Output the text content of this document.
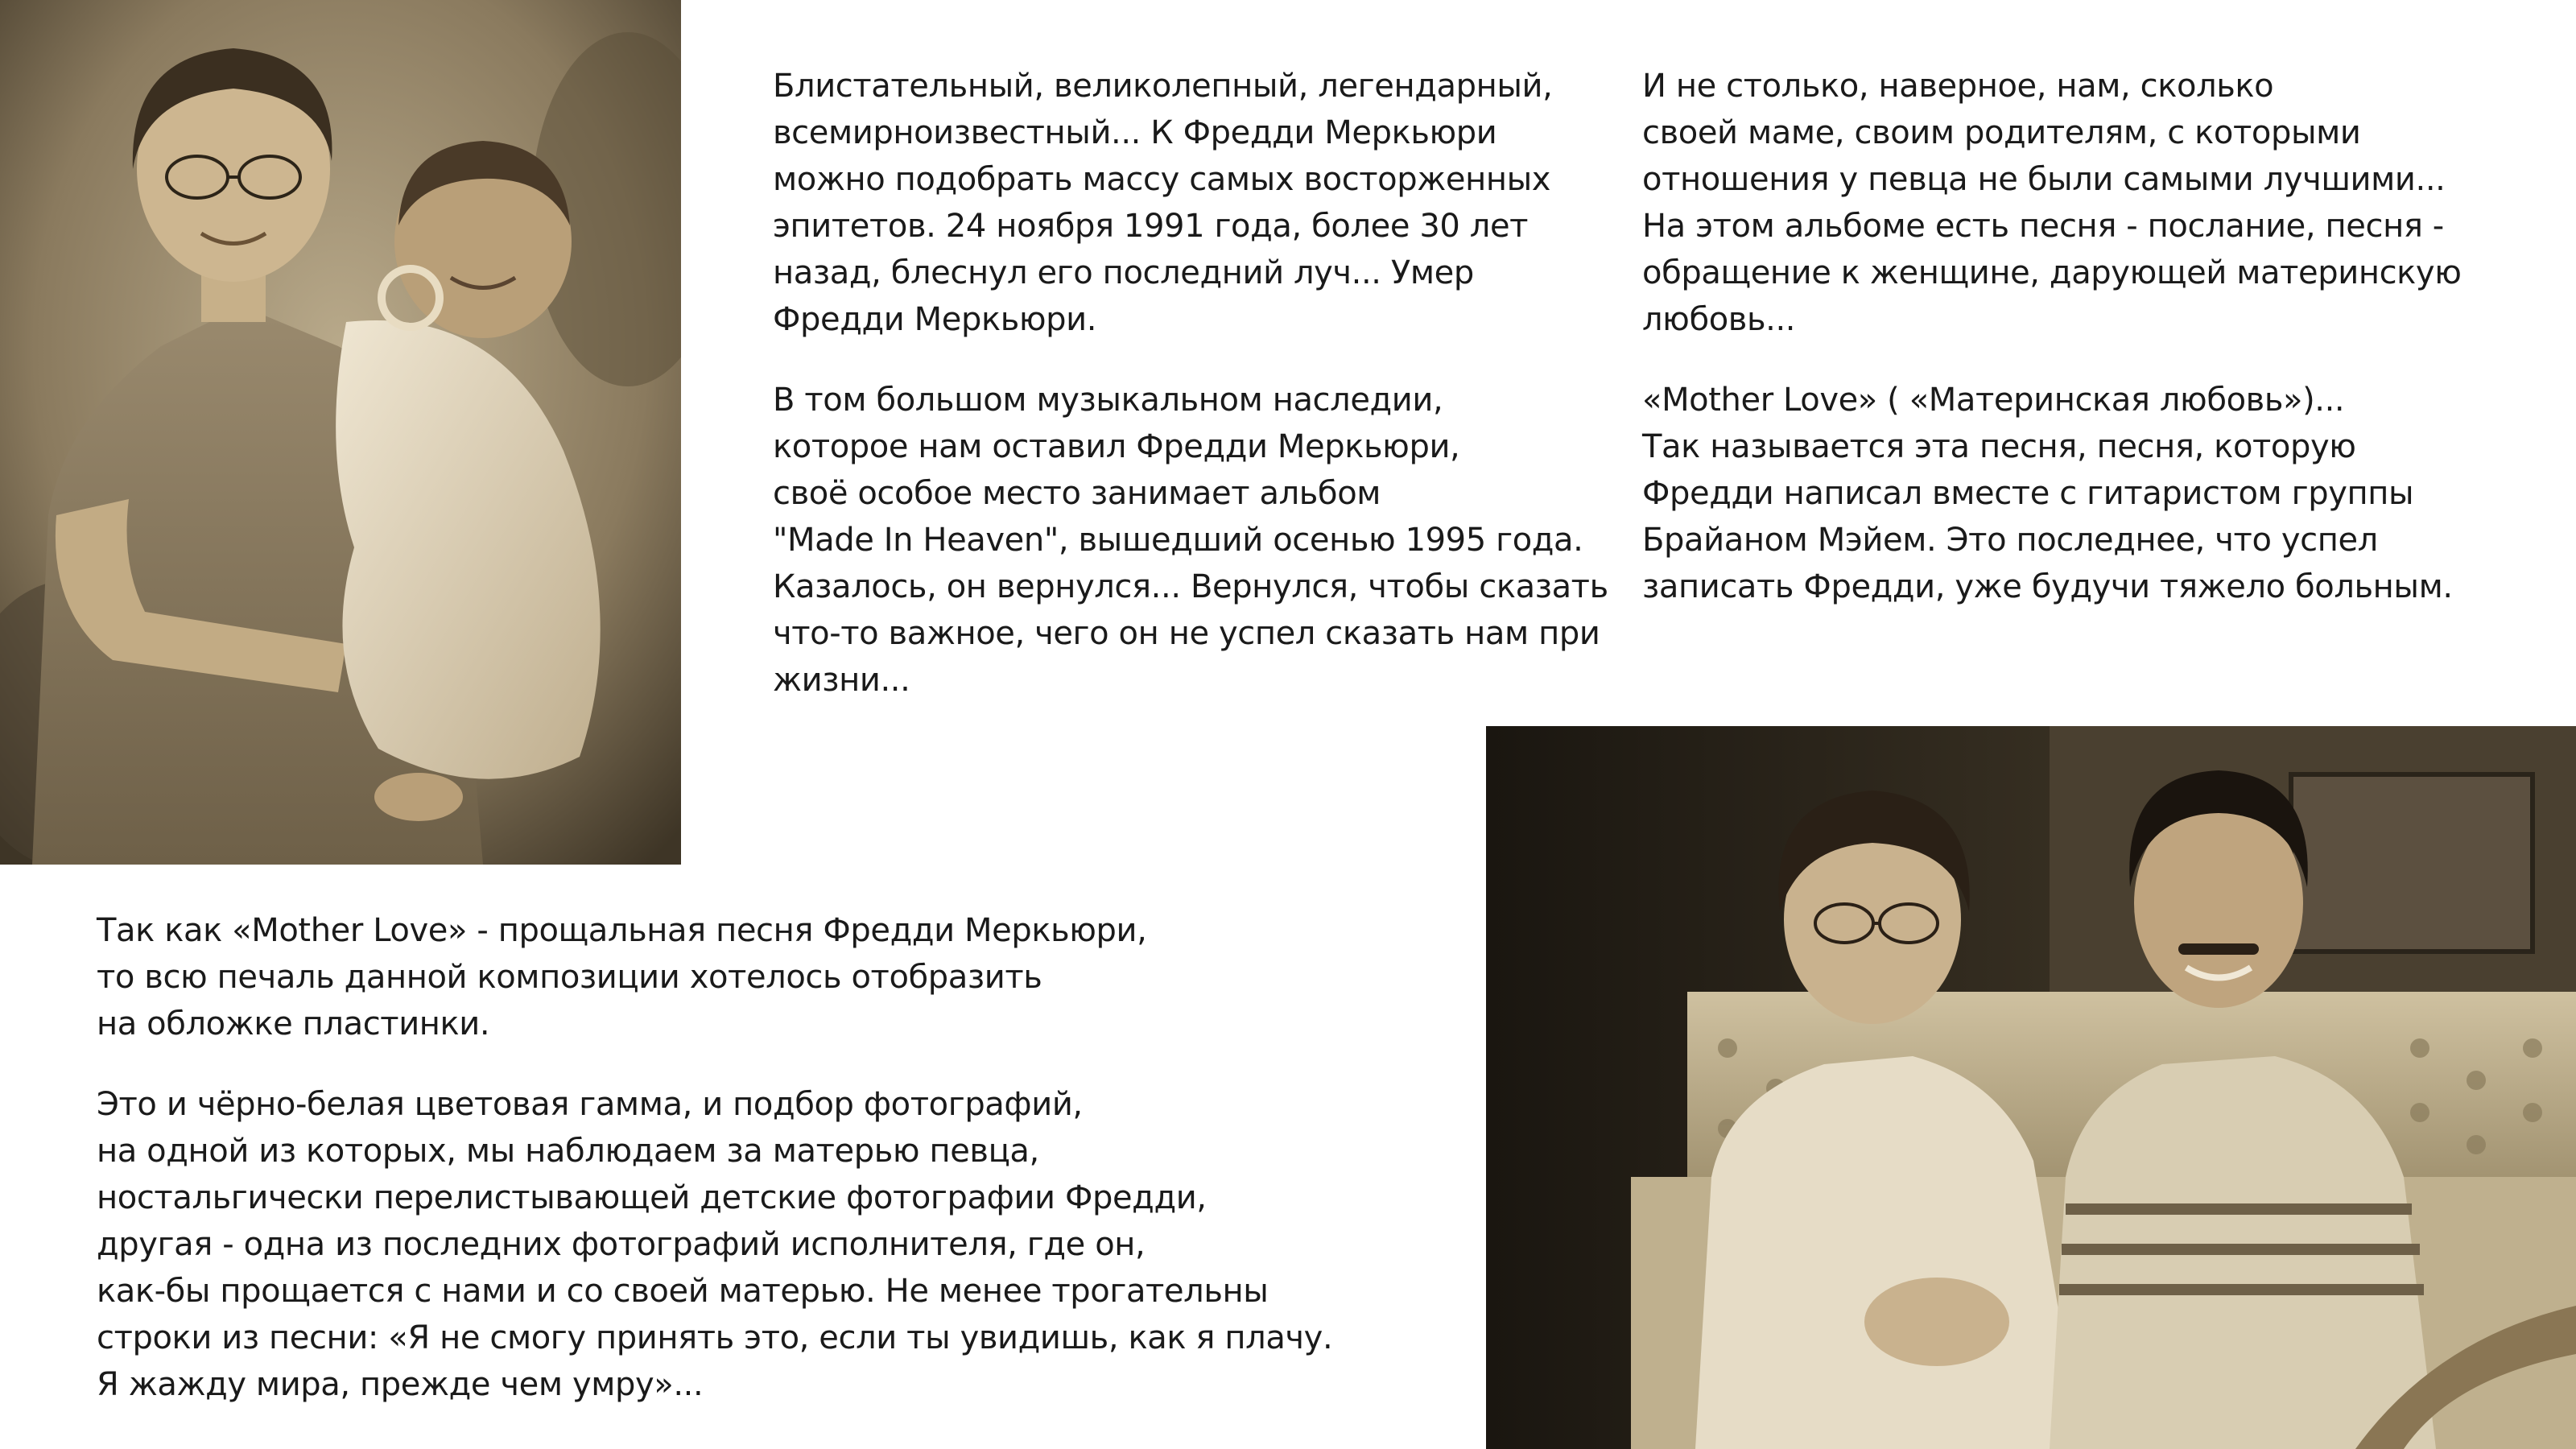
Блистательный, великолепный, легендарный,
всемирноизвестный... К Фредди Меркьюри
можно подобрать массу самых восторженных
эпитетов. 24 ноября 1991 года, более 30 лет
назад, блеснул его последний луч... Умер
Фредди Меркьюри.

В том большом музыкальном наследии,
которое нам оставил Фредди Меркьюри,
своё особое место занимает альбом
"Made In Heaven", вышедший осенью 1995 года.
Казалось, он вернулся... Вернулся, чтобы сказать
что-то важное, чего он не успел сказать нам при
жизни...

И не столько, наверное, нам, сколько
своей маме, своим родителям, с которыми
отношения у певца не были самыми лучшими...
На этом альбоме есть песня - послание, песня -
обращение к женщине, дарующей материнскую
любовь...

«Mother Love» ( «Материнская любовь»)...
Так называется эта песня, песня, которую
Фредди написал вместе с гитаристом группы
Брайаном Мэйем. Это последнее, что успел
записать Фредди, уже будучи тяжело больным.

Так как «Mother Love» - прощальная песня Фредди Меркьюри,
то всю печаль данной композиции хотелось отобразить
на обложке пластинки.

Это и чёрно-белая цветовая гамма, и подбор фотографий,
на одной из которых, мы наблюдаем за матерью певца,
ностальгически перелистывающей детские фотографии Фредди,
другая - одна из последних фотографий исполнителя, где он,
как-бы прощается с нами и со своей матерью. Не менее трогательны
строки из песни: «Я не смогу принять это, если ты увидишь, как я плачу.
Я жажду мира, прежде чем умру»...
